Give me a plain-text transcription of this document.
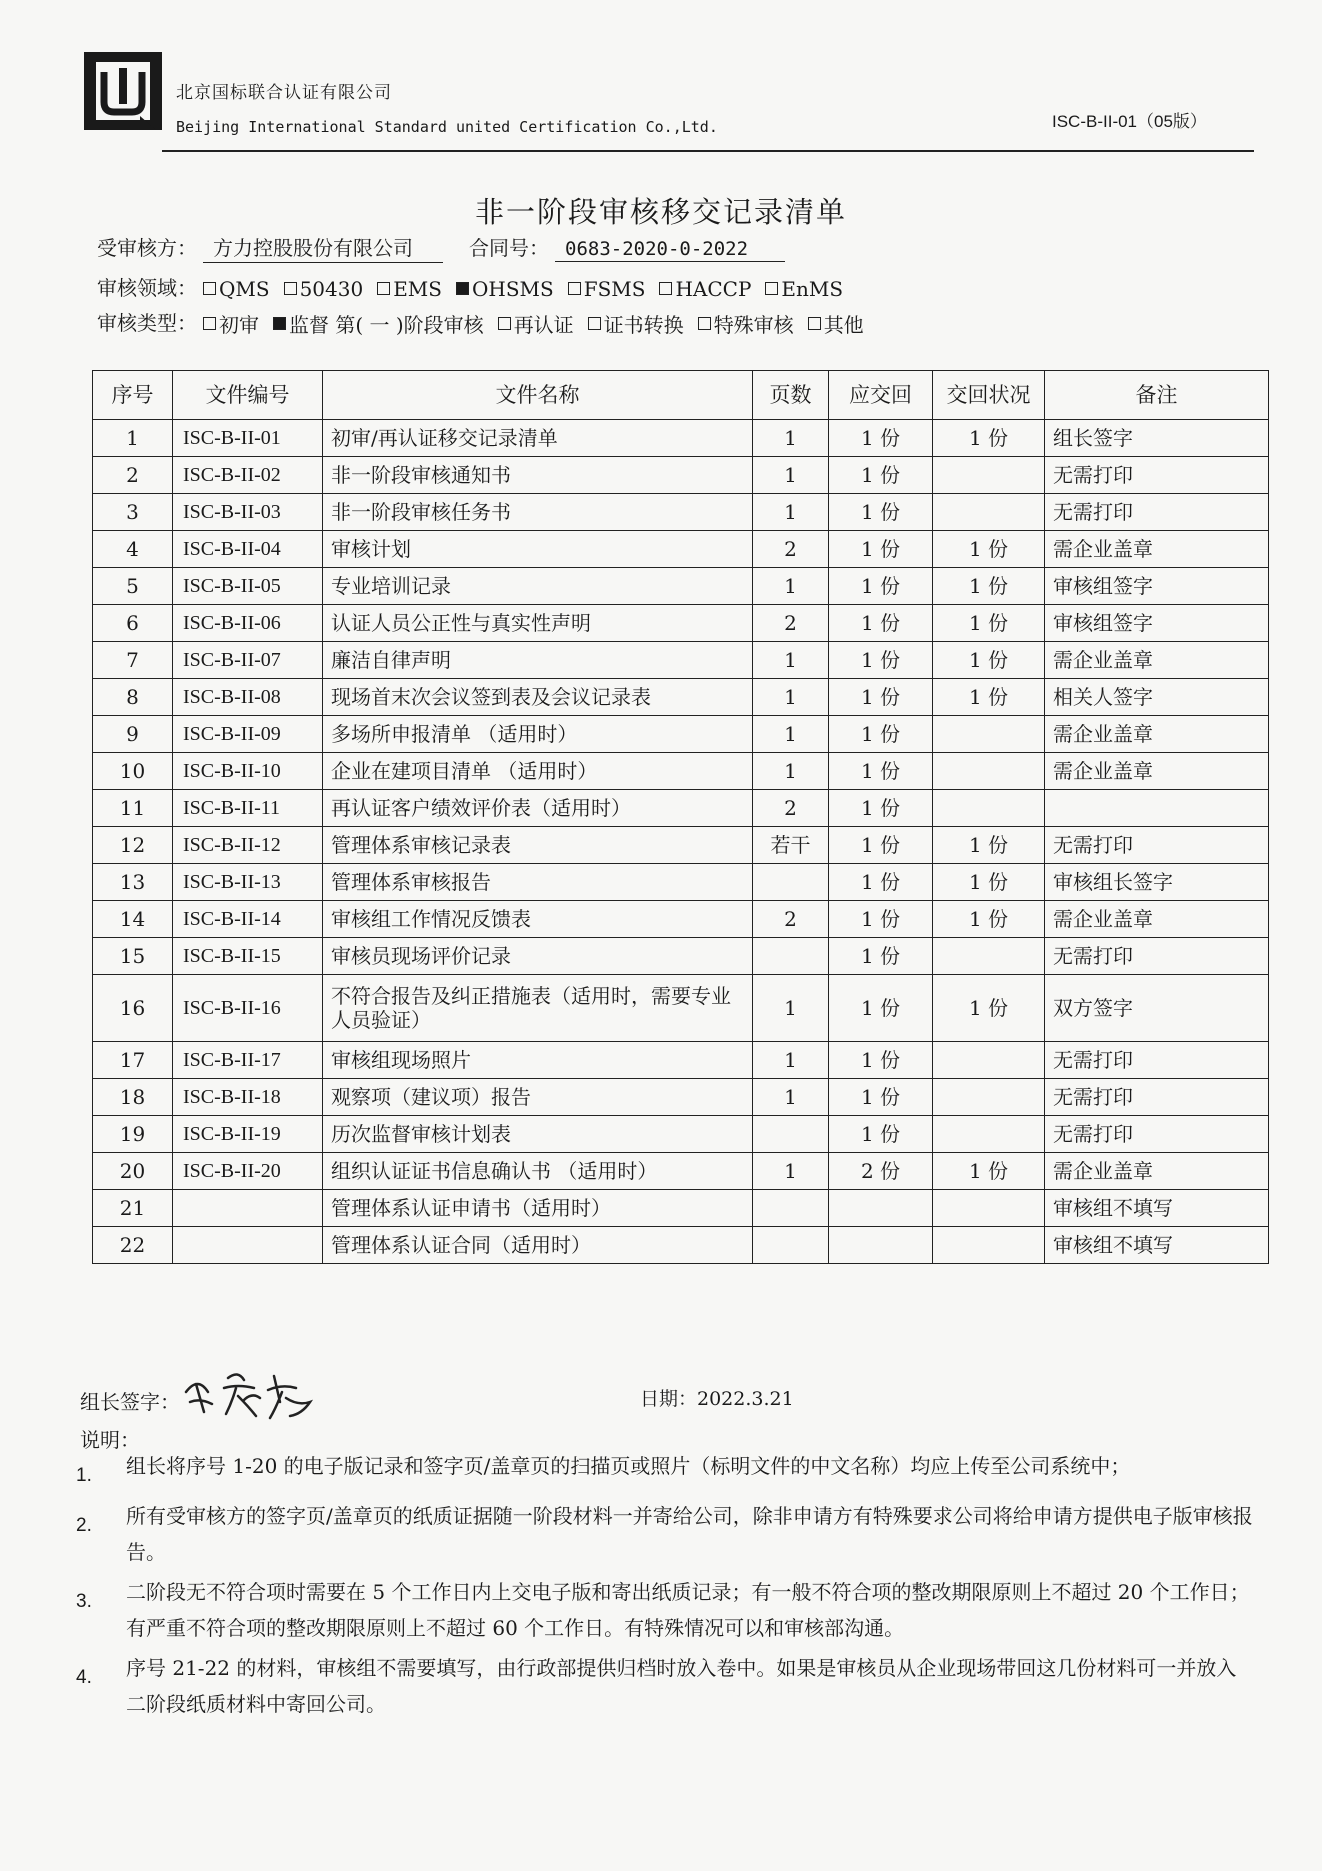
北京国标联合认证有限公司
Beijing International Standard united Certification Co.,Ltd.	ISC-B-II-01（05版）
非一阶段审核移交记录清单
受审核方： 方力控股股份有限公司	合同号： 0683-2020-0-2022
审核领域： QMS 50430 EMS OHSMS FSMS HACCP EnMS
审核类型： 初审 监督 第( 一 )阶段审核 再认证 证书转换 特殊审核 其他
序号	文件编号	文件名称	页数	应交回	交回状况	备注
1	ISC-B-II-01	初审/再认证移交记录清单	1	1 份	1 份	组长签字
2	ISC-B-II-02	非一阶段审核通知书	1	1 份		无需打印
3	ISC-B-II-03	非一阶段审核任务书	1	1 份		无需打印
4	ISC-B-II-04	审核计划	2	1 份	1 份	需企业盖章
5	ISC-B-II-05	专业培训记录	1	1 份	1 份	审核组签字
6	ISC-B-II-06	认证人员公正性与真实性声明	2	1 份	1 份	审核组签字
7	ISC-B-II-07	廉洁自律声明	1	1 份	1 份	需企业盖章
8	ISC-B-II-08	现场首末次会议签到表及会议记录表	1	1 份	1 份	相关人签字
9	ISC-B-II-09	多场所申报清单 （适用时）	1	1 份		需企业盖章
10	ISC-B-II-10	企业在建项目清单 （适用时）	1	1 份		需企业盖章
11	ISC-B-II-11	再认证客户绩效评价表（适用时）	2	1 份		
12	ISC-B-II-12	管理体系审核记录表	若干	1 份	1 份	无需打印
13	ISC-B-II-13	管理体系审核报告		1 份	1 份	审核组长签字
14	ISC-B-II-14	审核组工作情况反馈表	2	1 份	1 份	需企业盖章
15	ISC-B-II-15	审核员现场评价记录		1 份		无需打印
16	ISC-B-II-16	不符合报告及纠正措施表（适用时，需要专业人员验证）	1	1 份	1 份	双方签字
17	ISC-B-II-17	审核组现场照片	1	1 份		无需打印
18	ISC-B-II-18	观察项（建议项）报告	1	1 份		无需打印
19	ISC-B-II-19	历次监督审核计划表		1 份		无需打印
20	ISC-B-II-20	组织认证证书信息确认书 （适用时）	1	2 份	1 份	需企业盖章
21		管理体系认证申请书（适用时）				审核组不填写
22		管理体系认证合同（适用时）				审核组不填写
组长签字：	日期：2022.3.21
说明：
1.	组长将序号 1-20 的电子版记录和签字页/盖章页的扫描页或照片（标明文件的中文名称）均应上传至公司系统中；
2.	所有受审核方的签字页/盖章页的纸质证据随一阶段材料一并寄给公司，除非申请方有特殊要求公司将给申请方提供电子版审核报告。
3.	二阶段无不符合项时需要在 5 个工作日内上交电子版和寄出纸质记录；有一般不符合项的整改期限原则上不超过 20 个工作日；有严重不符合项的整改期限原则上不超过 60 个工作日。有特殊情况可以和审核部沟通。
4.	序号 21-22 的材料，审核组不需要填写，由行政部提供归档时放入卷中。如果是审核员从企业现场带回这几份材料可一并放入二阶段纸质材料中寄回公司。
